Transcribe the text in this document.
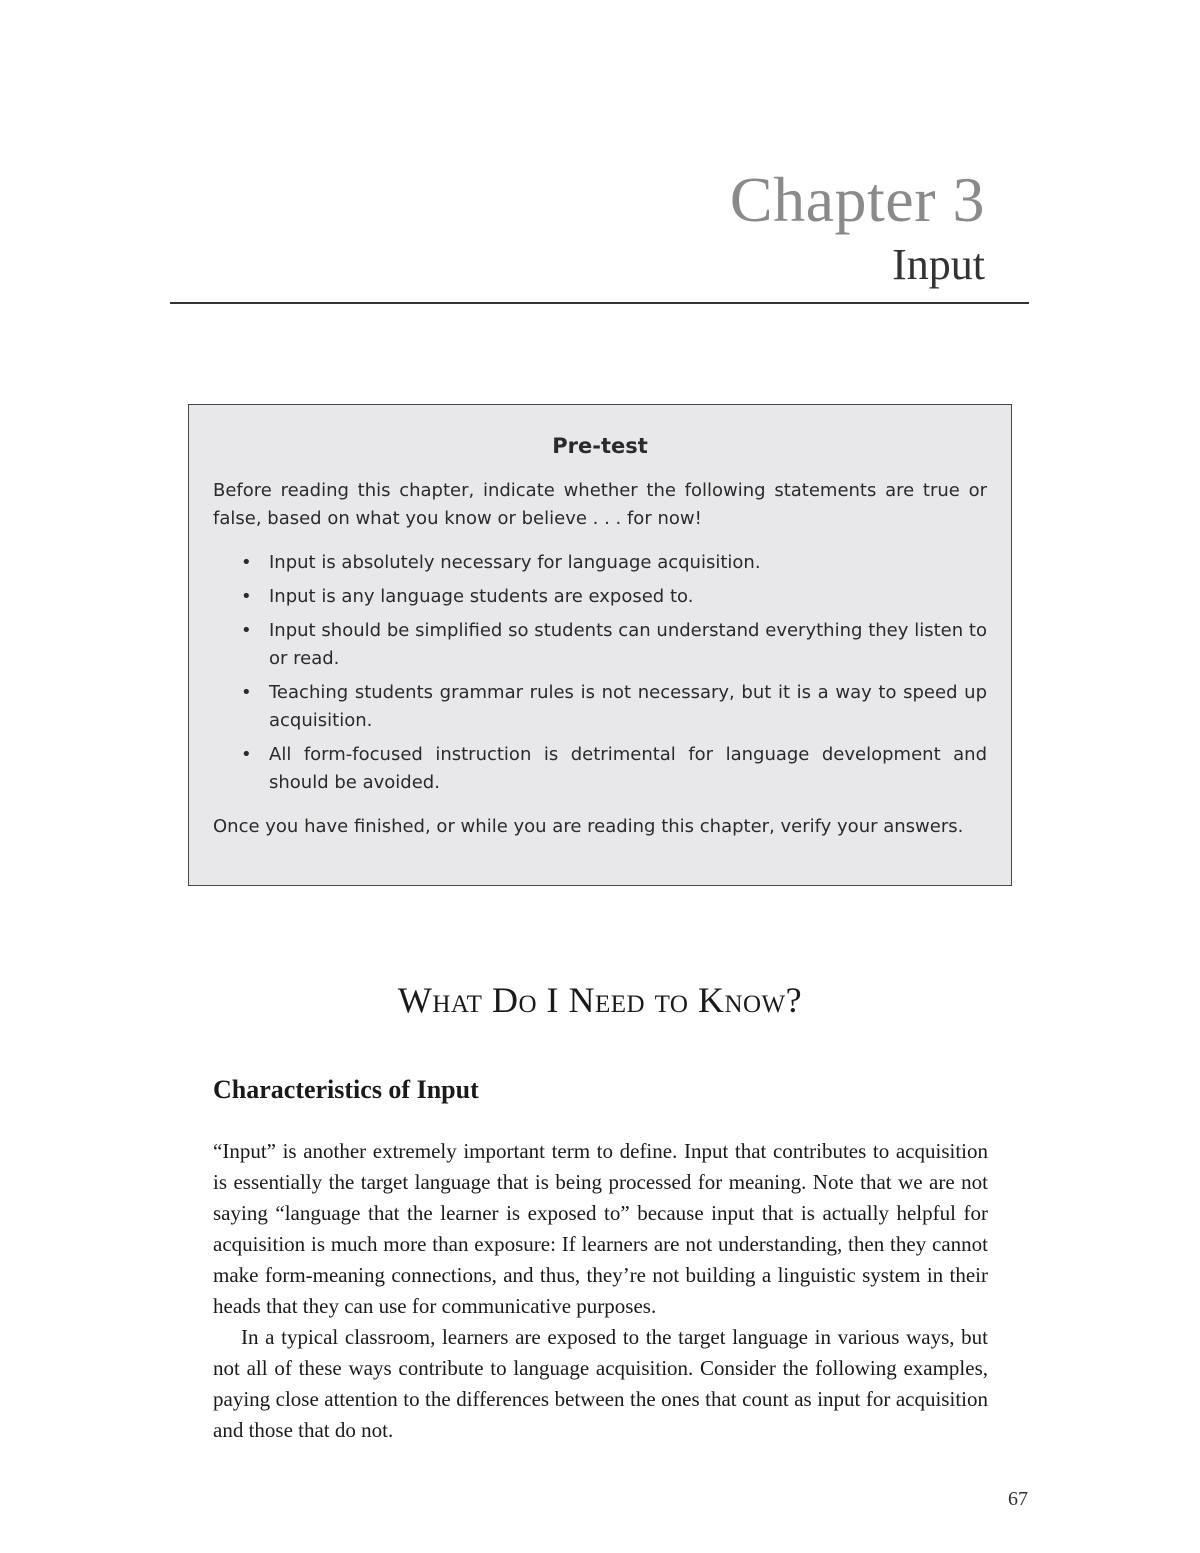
Chapter 3
Input
Pre-test

Before reading this chapter, indicate whether the following statements are true or false, based on what you know or believe . . . for now!

• Input is absolutely necessary for language acquisition.
• Input is any language students are exposed to.
• Input should be simplified so students can understand everything they listen to or read.
• Teaching students grammar rules is not necessary, but it is a way to speed up acquisition.
• All form-focused instruction is detrimental for language development and should be avoided.

Once you have finished, or while you are reading this chapter, verify your answers.

What Do I Need to Know?
Characteristics of Input

“Input” is another extremely important term to define. Input that contributes to acquisition is essentially the target language that is being processed for meaning. Note that we are not saying “language that the learner is exposed to” because input that is actually helpful for acquisition is much more than exposure: If learners are not understanding, then they cannot make form-meaning connections, and thus, they’re not building a linguistic system in their heads that they can use for communicative purposes.

In a typical classroom, learners are exposed to the target language in various ways, but not all of these ways contribute to language acquisition. Consider the following examples, paying close attention to the differences between the ones that count as input for acquisition and those that do not.

67
